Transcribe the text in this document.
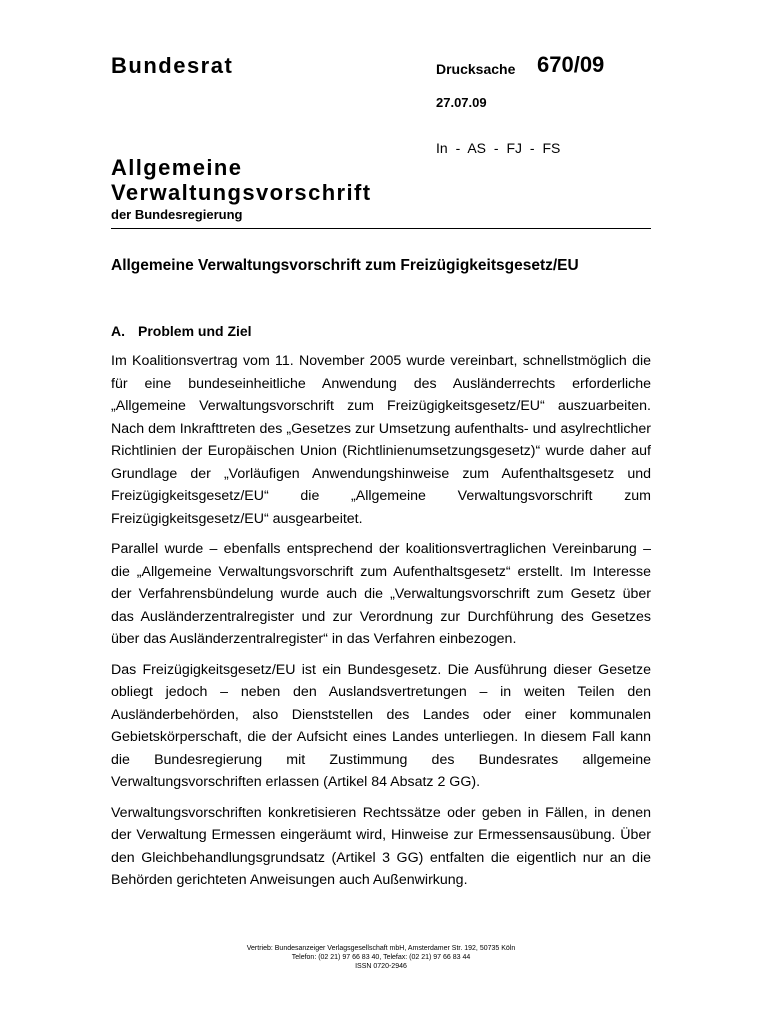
Bundesrat	Drucksache 670/09
27.07.09
In - AS - FJ - FS
Allgemeine
Verwaltungsvorschrift
der Bundesregierung
Allgemeine Verwaltungsvorschrift zum Freizügigkeitsgesetz/EU
A. Problem und Ziel

Im Koalitionsvertrag vom 11. November 2005 wurde vereinbart, schnellstmöglich die für eine bundeseinheitliche Anwendung des Ausländerrechts erforderliche „Allgemeine Verwaltungsvorschrift zum Freizügigkeitsgesetz/EU“ auszuarbeiten. Nach dem Inkrafttreten des „Gesetzes zur Umsetzung aufenthalts- und asylrechtlicher Richtlinien der Europäischen Union (Richtlinienumsetzungsgesetz)“ wurde daher auf Grundlage der „Vorläufigen Anwendungshinweise zum Aufenthaltsgesetz und Freizügigkeitsgesetz/EU“ die „Allgemeine Verwaltungsvorschrift zum Freizügigkeitsgesetz/EU“ ausgearbeitet.

Parallel wurde – ebenfalls entsprechend der koalitionsvertraglichen Vereinbarung – die „Allgemeine Verwaltungsvorschrift zum Aufenthaltsgesetz“ erstellt. Im Interesse der Verfahrensbündelung wurde auch die „Verwaltungsvorschrift zum Gesetz über das Ausländerzentralregister und zur Verordnung zur Durchführung des Gesetzes über das Ausländerzentralregister“ in das Verfahren einbezogen.

Das Freizügigkeitsgesetz/EU ist ein Bundesgesetz. Die Ausführung dieser Gesetze obliegt jedoch – neben den Auslandsvertretungen – in weiten Teilen den Ausländerbehörden, also Dienststellen des Landes oder einer kommunalen Gebietskörperschaft, die der Aufsicht eines Landes unterliegen. In diesem Fall kann die Bundesregierung mit Zustimmung des Bundesrates allgemeine Verwaltungsvorschriften erlassen (Artikel 84 Absatz 2 GG).

Verwaltungsvorschriften konkretisieren Rechtssätze oder geben in Fällen, in denen der Verwaltung Ermessen eingeräumt wird, Hinweise zur Ermessensausübung. Über den Gleichbehandlungsgrundsatz (Artikel 3 GG) entfalten die eigentlich nur an die Behörden gerichteten Anweisungen auch Außenwirkung.

Vertrieb: Bundesanzeiger Verlagsgesellschaft mbH, Amsterdamer Str. 192, 50735 Köln
Telefon: (02 21) 97 66 83 40, Telefax: (02 21) 97 66 83 44
ISSN 0720-2946
